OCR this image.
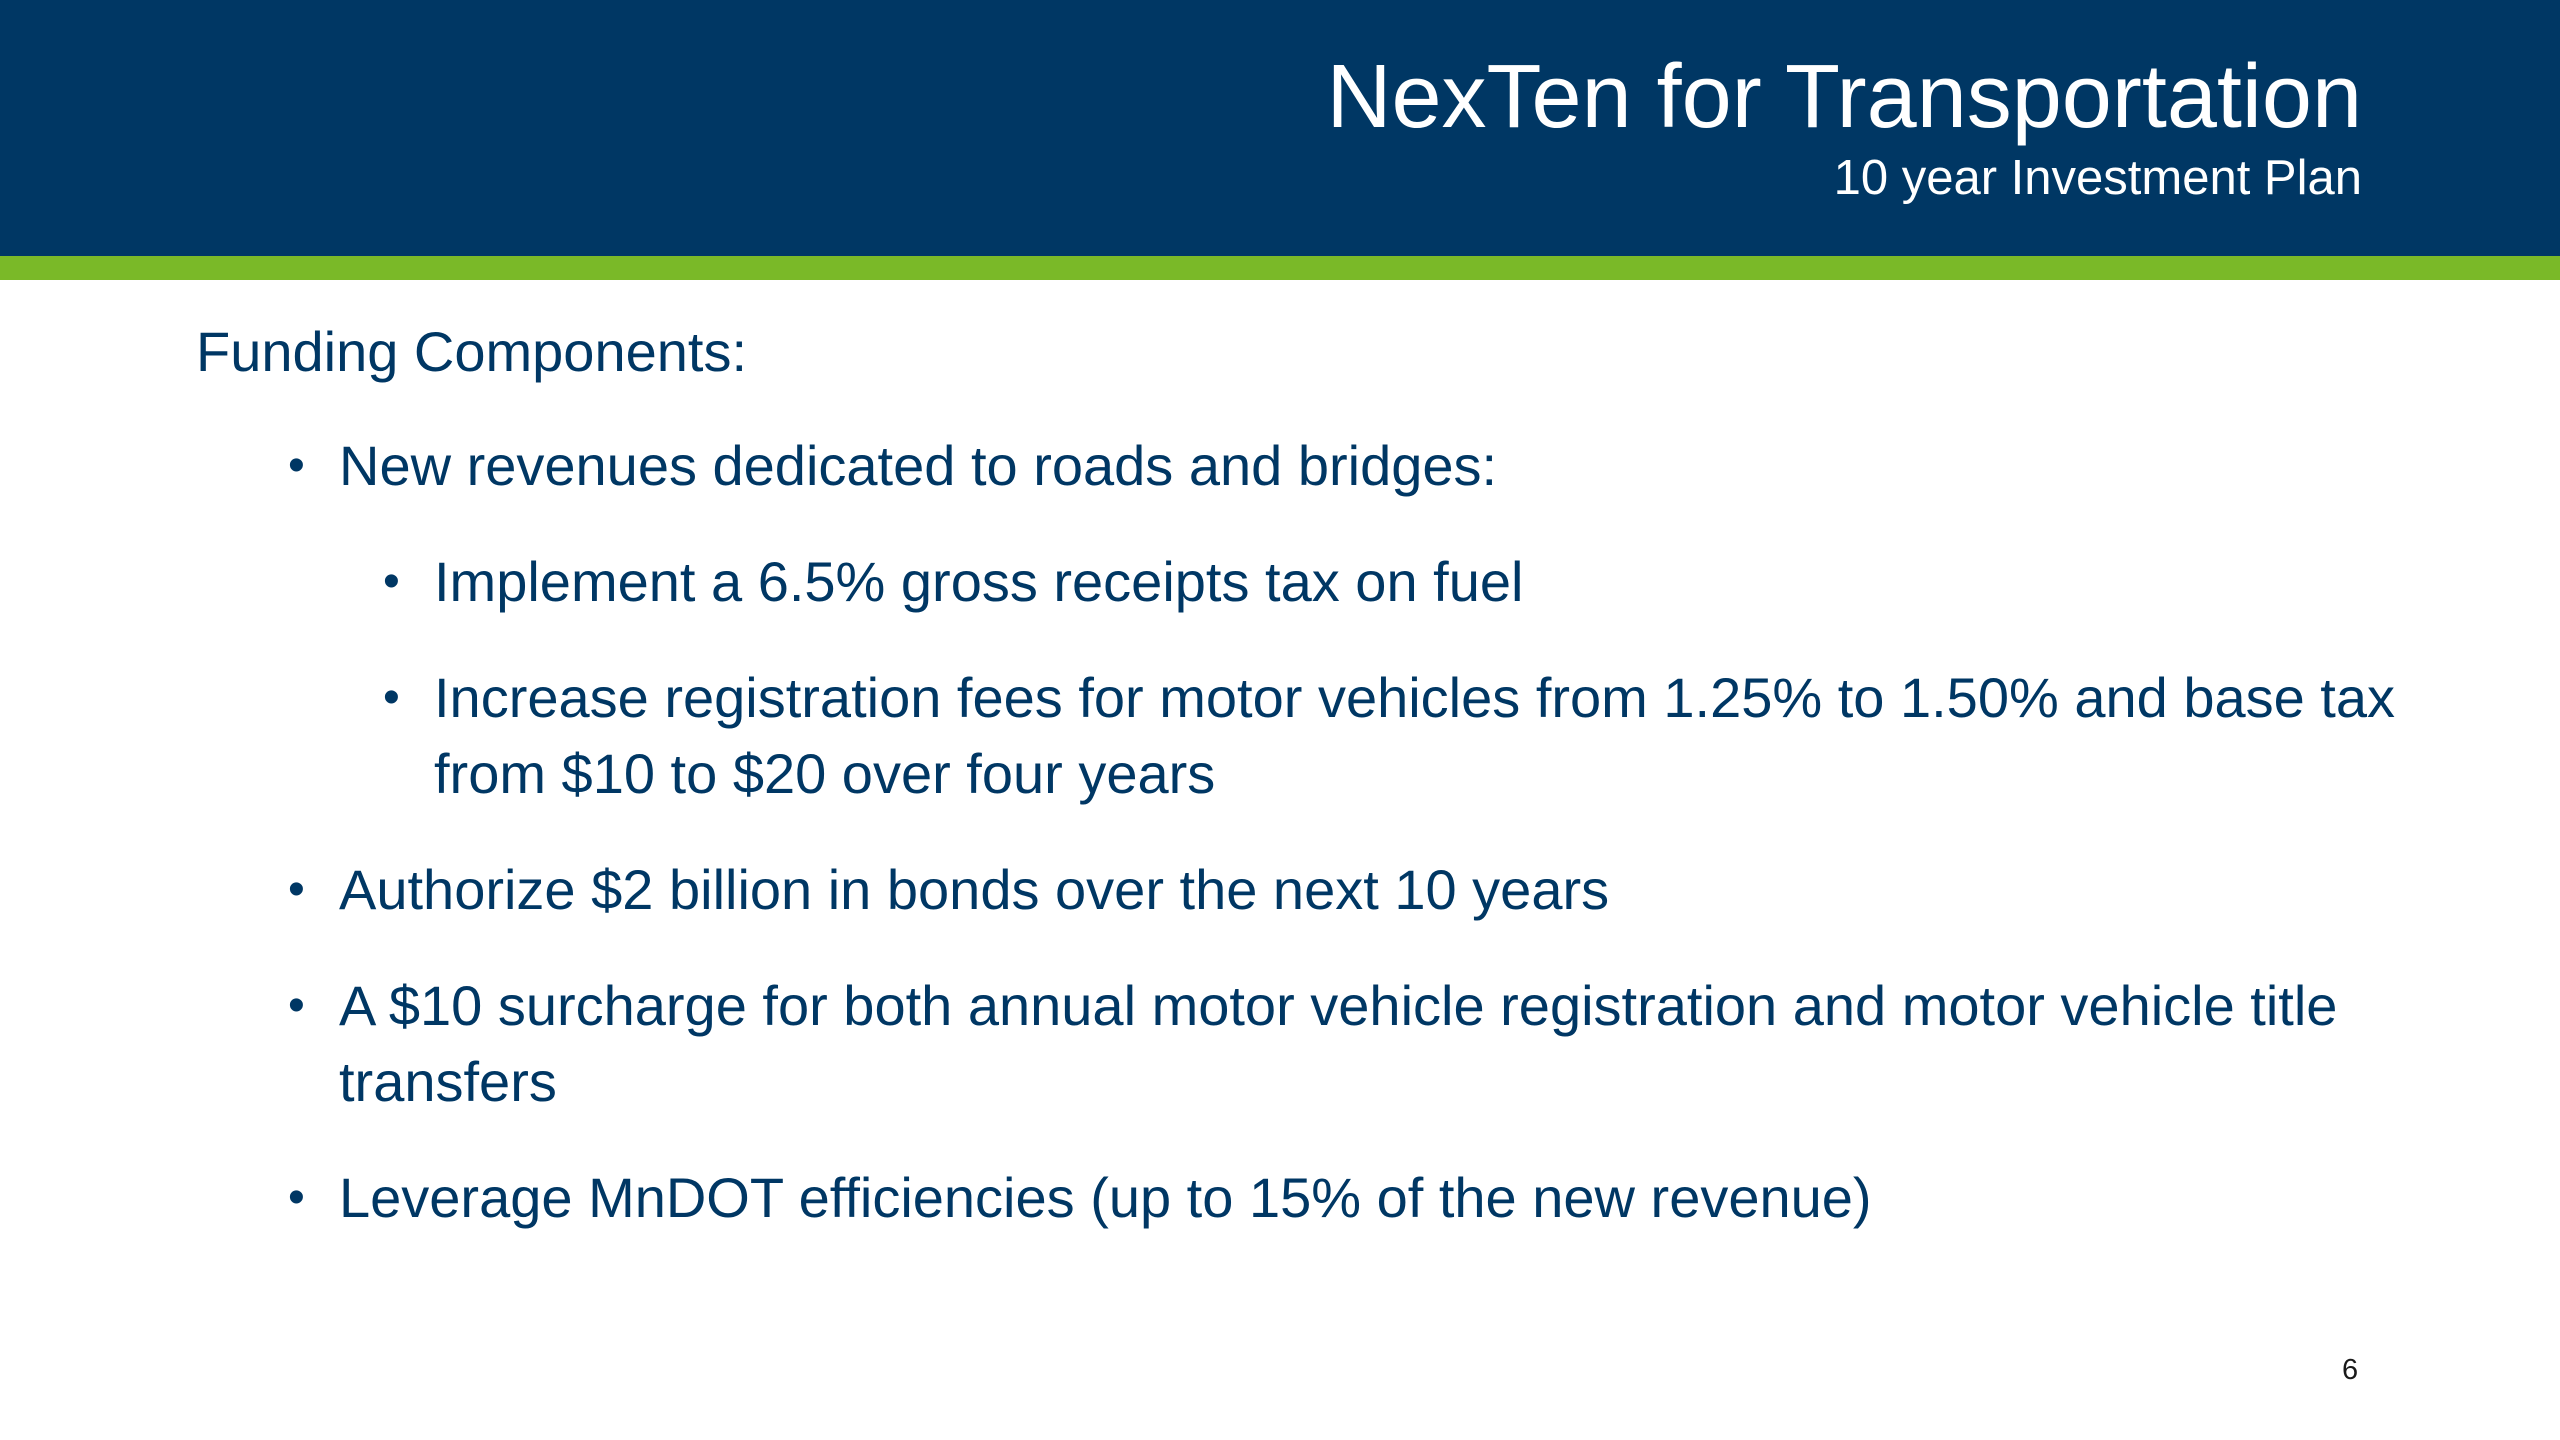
NexTen for Transportation
10 year Investment Plan
Funding Components:
• New revenues dedicated to roads and bridges:
• Implement a 6.5% gross receipts tax on fuel
• Increase registration fees for motor vehicles from 1.25% to 1.50% and base tax from $10 to $20 over four years
• Authorize $2 billion in bonds over the next 10 years
• A $10 surcharge for both annual motor vehicle registration and motor vehicle title transfers
• Leverage MnDOT efficiencies (up to 15% of the new revenue)
6
